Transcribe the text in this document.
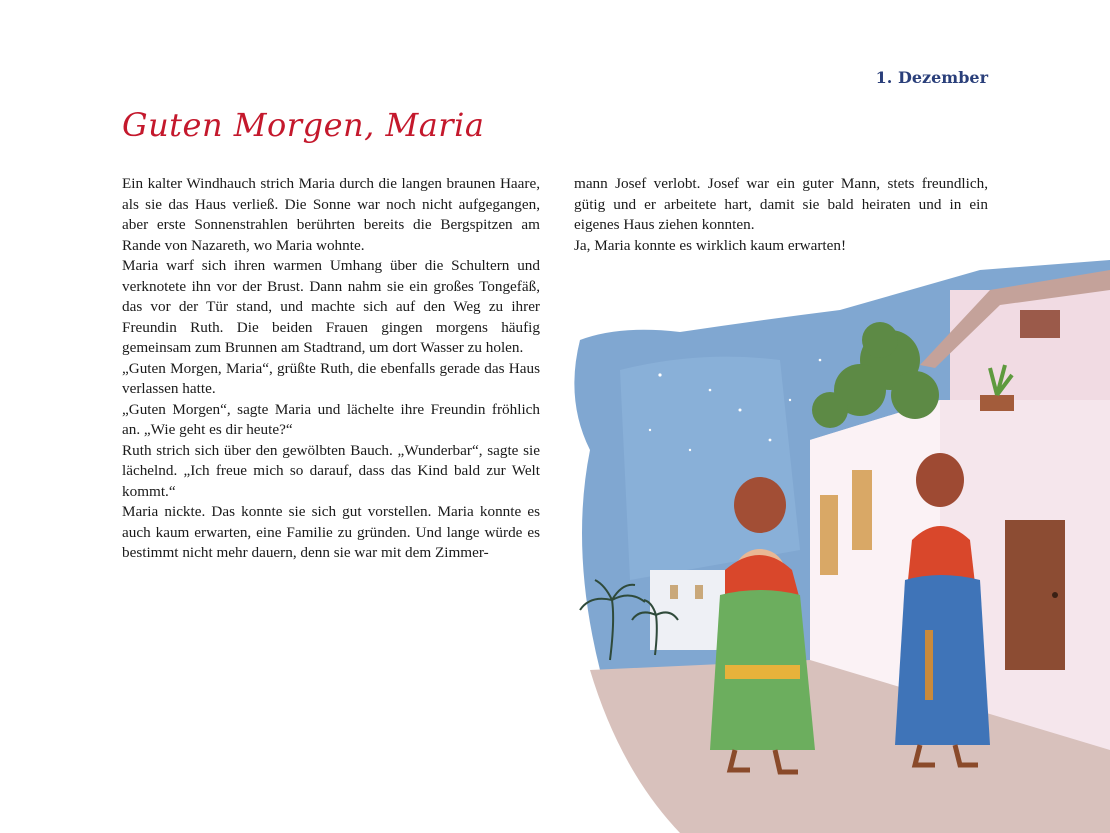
1. Dezember
Guten Morgen, Maria

Ein kalter Windhauch strich Maria durch die langen braunen Haare, als sie das Haus verließ. Die Sonne war noch nicht aufgegangen, aber erste Sonnenstrahlen berührten bereits die Bergspitzen am Rande von Nazareth, wo Maria wohnte.

Maria warf sich ihren warmen Umhang über die Schultern und verknotete ihn vor der Brust. Dann nahm sie ein großes Tongefäß, das vor der Tür stand, und machte sich auf den Weg zu ihrer Freundin Ruth. Die beiden Frauen gingen morgens häufig gemeinsam zum Brunnen am Stadtrand, um dort Wasser zu holen.

„Guten Morgen, Maria“, grüßte Ruth, die ebenfalls gerade das Haus verlassen hatte.

„Guten Morgen“, sagte Maria und lächelte ihre Freundin fröhlich an. „Wie geht es dir heute?“

Ruth strich sich über den gewölbten Bauch. „Wunderbar“, sagte sie lächelnd. „Ich freue mich so darauf, dass das Kind bald zur Welt kommt.“

Maria nickte. Das konnte sie sich gut vorstellen. Maria konnte es auch kaum erwarten, eine Familie zu gründen. Und lange würde es bestimmt nicht mehr dauern, denn sie war mit dem Zimmer-

mann Josef verlobt. Josef war ein guter Mann, stets freundlich, gütig und er arbeitete hart, damit sie bald heiraten und in ein eigenes Haus ziehen konnten.

Ja, Maria konnte es wirklich kaum erwarten!
